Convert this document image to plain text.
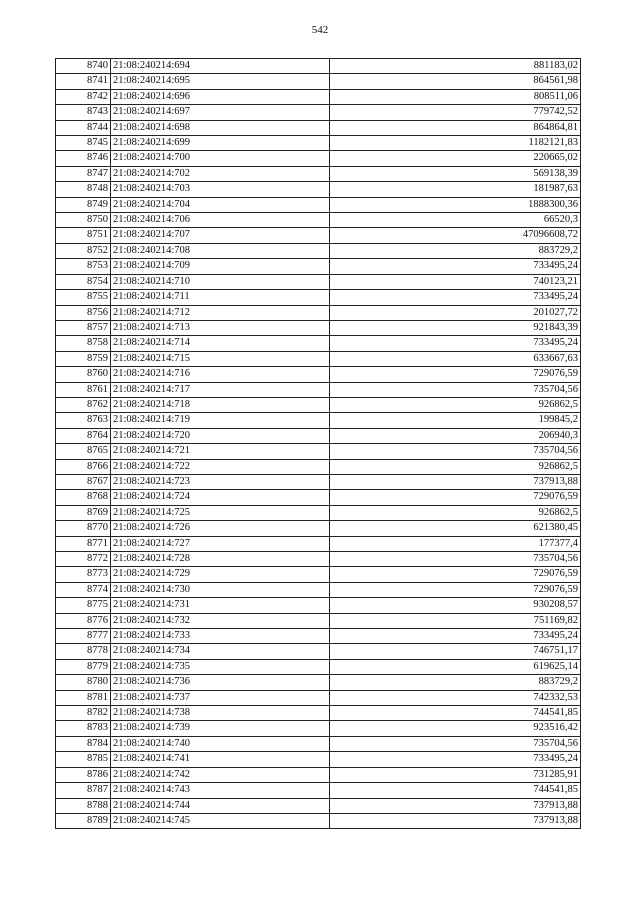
542
8740	21:08:240214:694	881183,02
8741	21:08:240214:695	864561,98
8742	21:08:240214:696	808511,06
8743	21:08:240214:697	779742,52
8744	21:08:240214:698	864864,81
8745	21:08:240214:699	1182121,83
8746	21:08:240214:700	220665,02
8747	21:08:240214:702	569138,39
8748	21:08:240214:703	181987,63
8749	21:08:240214:704	1888300,36
8750	21:08:240214:706	66520,3
8751	21:08:240214:707	47096608,72
8752	21:08:240214:708	883729,2
8753	21:08:240214:709	733495,24
8754	21:08:240214:710	740123,21
8755	21:08:240214:711	733495,24
8756	21:08:240214:712	201027,72
8757	21:08:240214:713	921843,39
8758	21:08:240214:714	733495,24
8759	21:08:240214:715	633667,63
8760	21:08:240214:716	729076,59
8761	21:08:240214:717	735704,56
8762	21:08:240214:718	926862,5
8763	21:08:240214:719	199845,2
8764	21:08:240214:720	206940,3
8765	21:08:240214:721	735704,56
8766	21:08:240214:722	926862,5
8767	21:08:240214:723	737913,88
8768	21:08:240214:724	729076,59
8769	21:08:240214:725	926862,5
8770	21:08:240214:726	621380,45
8771	21:08:240214:727	177377,4
8772	21:08:240214:728	735704,56
8773	21:08:240214:729	729076,59
8774	21:08:240214:730	729076,59
8775	21:08:240214:731	930208,57
8776	21:08:240214:732	751169,82
8777	21:08:240214:733	733495,24
8778	21:08:240214:734	746751,17
8779	21:08:240214:735	619625,14
8780	21:08:240214:736	883729,2
8781	21:08:240214:737	742332,53
8782	21:08:240214:738	744541,85
8783	21:08:240214:739	923516,42
8784	21:08:240214:740	735704,56
8785	21:08:240214:741	733495,24
8786	21:08:240214:742	731285,91
8787	21:08:240214:743	744541,85
8788	21:08:240214:744	737913,88
8789	21:08:240214:745	737913,88
